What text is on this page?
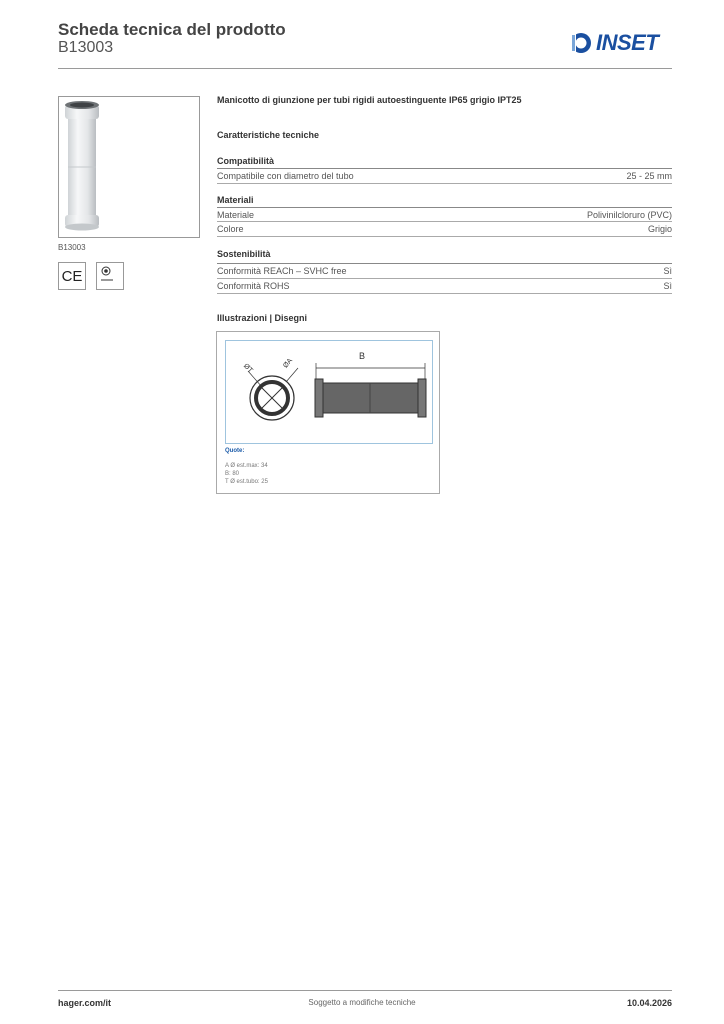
Scheda tecnica del prodotto
B13003	INSET
B13003
CE
Manicotto di giunzione per tubi rigidi autoestinguente IP65 grigio IPT25
Caratteristiche tecniche
Compatibilità
Compatibile con diametro del tubo	25 - 25 mm
Materiali
Materiale	Polivinilcloruro (PVC)
Colore	Grigio
Sostenibilità
Conformità REACh – SVHC free	Sì
Conformità ROHS	Sì
Illustrazioni | Disegni
B
ØA
ØT
Quote:
A Ø est.max: 34
B: 80
T Ø est.tubo: 25
hager.com/it	Soggetto a modifiche tecniche	10.04.2026
